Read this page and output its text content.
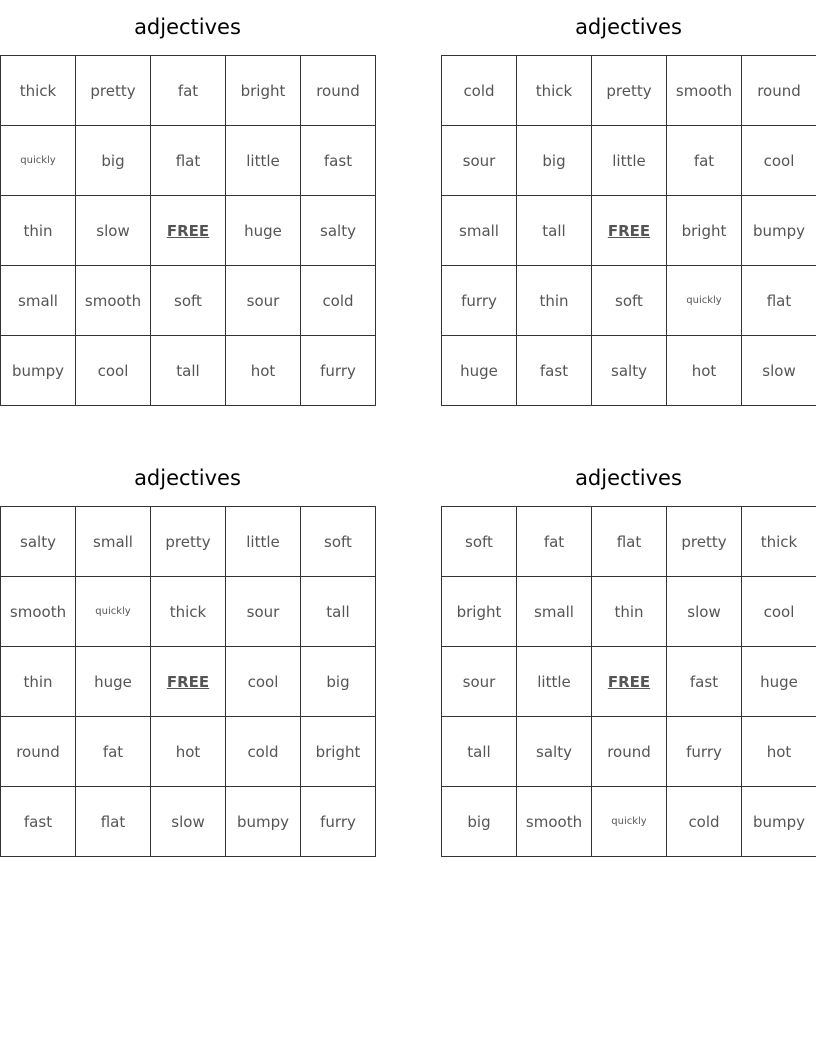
adjectives
thick	pretty	fat	bright	round
quickly	big	flat	little	fast
thin	slow	FREE	huge	salty
small	smooth	soft	sour	cold
bumpy	cool	tall	hot	furry
adjectives
cold	thick	pretty	smooth	round
sour	big	little	fat	cool
small	tall	FREE	bright	bumpy
furry	thin	soft	quickly	flat
huge	fast	salty	hot	slow
adjectives
salty	small	pretty	little	soft
smooth	quickly	thick	sour	tall
thin	huge	FREE	cool	big
round	fat	hot	cold	bright
fast	flat	slow	bumpy	furry
adjectives
soft	fat	flat	pretty	thick
bright	small	thin	slow	cool
sour	little	FREE	fast	huge
tall	salty	round	furry	hot
big	smooth	quickly	cold	bumpy
